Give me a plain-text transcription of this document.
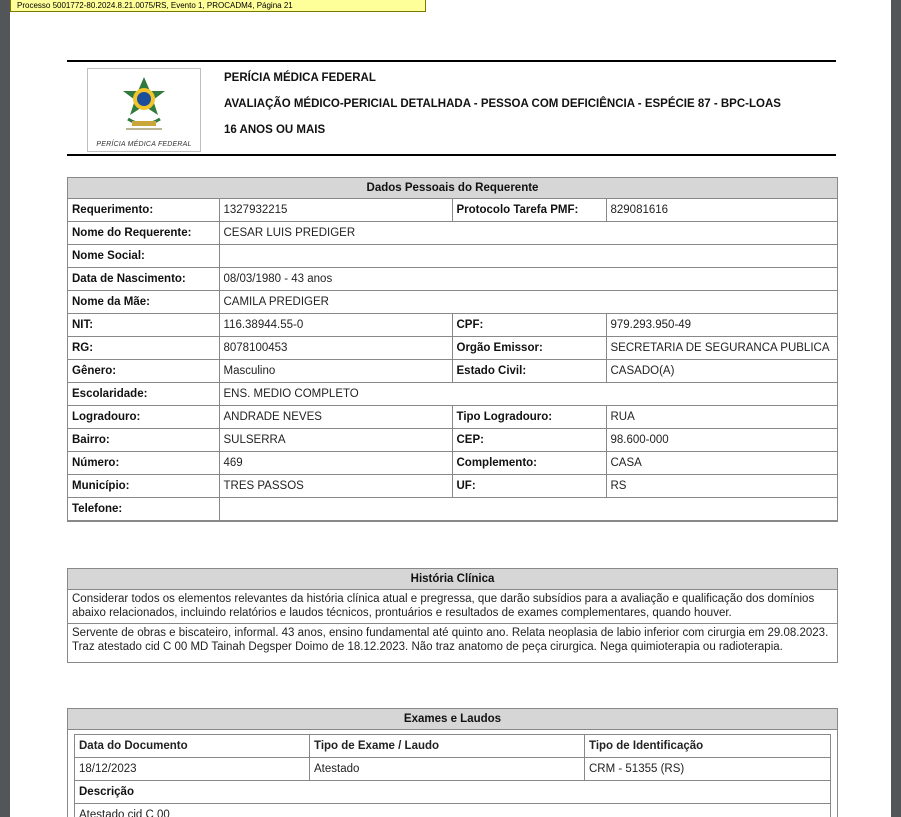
Processo 5001772-80.2024.8.21.0075/RS, Evento 1, PROCADM4, Página 21
PERÍCIA MÉDICA FEDERAL
PERÍCIA MÉDICA FEDERAL
AVALIAÇÃO MÉDICO-PERICIAL DETALHADA - PESSOA COM DEFICIÊNCIA - ESPÉCIE 87 - BPC-LOAS
16 ANOS OU MAIS
Dados Pessoais do Requerente
Requerimento:	1327932215	Protocolo Tarefa PMF:	829081616
Nome do Requerente:	CESAR LUIS PREDIGER		
Nome Social:			
Data de Nascimento:	08/03/1980 - 43 anos		
Nome da Mãe:	CAMILA PREDIGER		
NIT:	116.38944.55-0	CPF:	979.293.950-49
RG:	8078100453	Orgão Emissor:	SECRETARIA DE SEGURANCA PUBLICA
Gênero:	Masculino	Estado Civil:	CASADO(A)
Escolaridade:	ENS. MEDIO COMPLETO		
Logradouro:	ANDRADE NEVES	Tipo Logradouro:	RUA
Bairro:	SULSERRA	CEP:	98.600-000
Número:	469	Complemento:	CASA
Município:	TRES PASSOS	UF:	RS
Telefone:			
História Clínica
Considerar todos os elementos relevantes da história clínica atual e pregressa, que darão subsídios para a avaliação e qualificação dos domínios abaixo relacionados, incluindo relatórios e laudos técnicos, prontuários e resultados de exames complementares, quando houver.
Servente de obras e biscateiro, informal. 43 anos, ensino fundamental até quinto ano. Relata neoplasia de labio inferior com cirurgia em 29.08.2023. Traz atestado cid C 00 MD Tainah Degsper Doimo de 18.12.2023. Não traz anatomo de peça cirurgica. Nega quimioterapia ou radioterapia.
Exames e Laudos
Data do Documento	Tipo de Exame / Laudo	Tipo de Identificação
18/12/2023	Atestado	CRM - 51355 (RS)
Descrição		
Atestado cid C 00		
